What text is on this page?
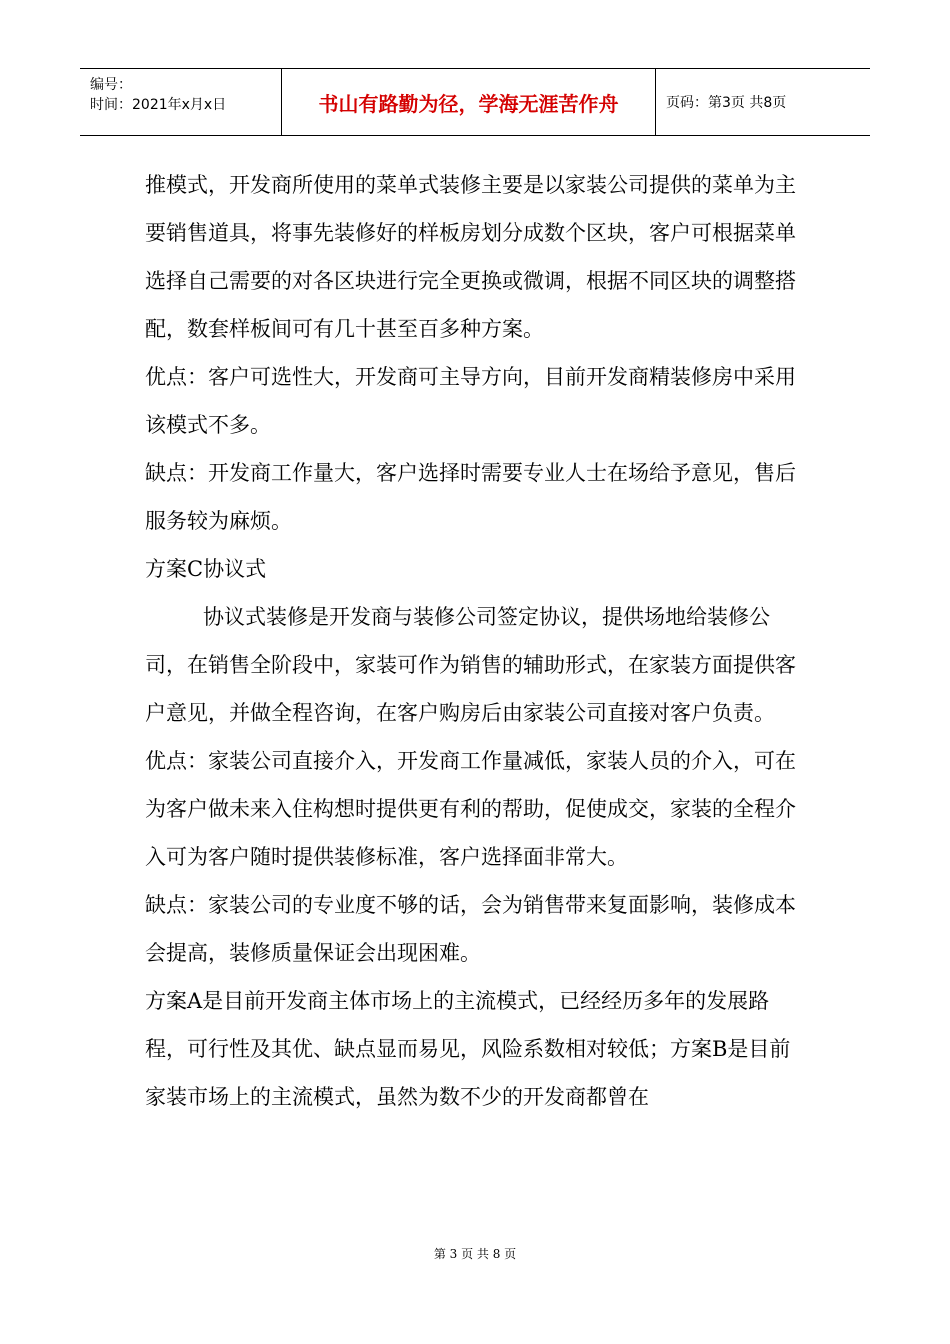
编号：
时间：2021年x月x日	书山有路勤为径，学海无涯苦作舟	页码：第3页 共8页

推模式，开发商所使用的菜单式装修主要是以家装公司提供的菜单为主要销售道具，将事先装修好的样板房划分成数个区块，客户可根据菜单选择自己需要的对各区块进行完全更换或微调，根据不同区块的调整搭配，数套样板间可有几十甚至百多种方案。

优点：客户可选性大，开发商可主导方向，目前开发商精装修房中采用该模式不多。

缺点：开发商工作量大，客户选择时需要专业人士在场给予意见，售后服务较为麻烦。

方案C协议式

协议式装修是开发商与装修公司签定协议，提供场地给装修公司，在销售全阶段中，家装可作为销售的辅助形式，在家装方面提供客户意见，并做全程咨询，在客户购房后由家装公司直接对客户负责。

优点：家装公司直接介入，开发商工作量减低，家装人员的介入，可在为客户做未来入住构想时提供更有利的帮助，促使成交，家装的全程介入可为客户随时提供装修标准，客户选择面非常大。

缺点：家装公司的专业度不够的话，会为销售带来复面影响，装修成本会提高，装修质量保证会出现困难。

方案A是目前开发商主体市场上的主流模式，已经经历多年的发展路程，可行性及其优、缺点显而易见，风险系数相对较低；方案B是目前家装市场上的主流模式，虽然为数不少的开发商都曾在

第 3 页 共 8 页
